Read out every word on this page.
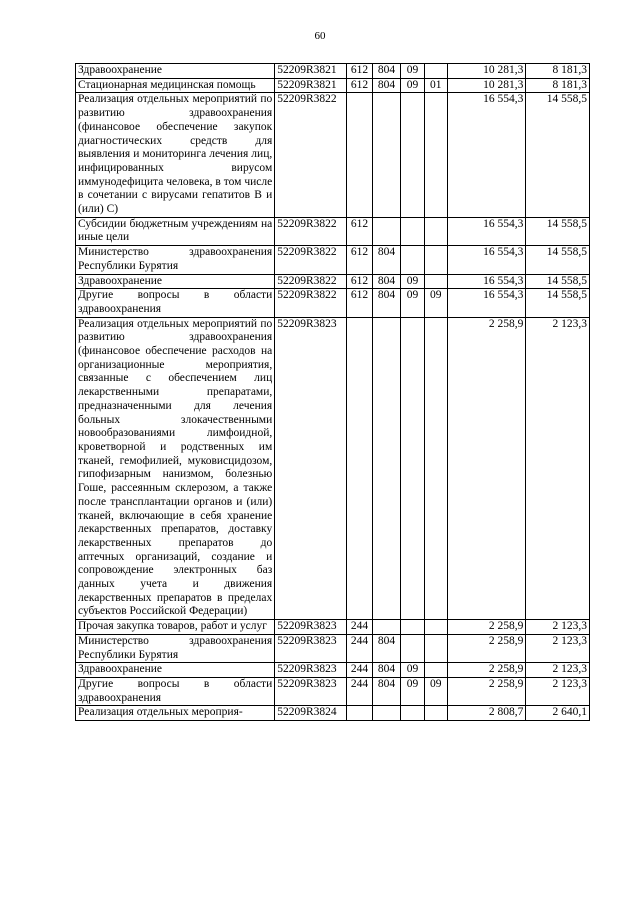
60
Здравоохранение	52209R3821	612	804	09		10 281,3	8 181,3
Стационарная медицинская помощь	52209R3821	612	804	09	01	10 281,3	8 181,3
Реализация отдельных мероприятий по развитию здравоохранения (финансовое обеспечение закупок диагностических средств для выявления и мониторинга лечения лиц, инфицированных вирусом иммунодефицита человека, в том числе в сочетании с вирусами гепатитов B и (или) C)	52209R3822					16 554,3	14 558,5
Субсидии бюджетным учреждениям на иные цели	52209R3822	612				16 554,3	14 558,5
Министерство здравоохранения Республики Бурятия	52209R3822	612	804			16 554,3	14 558,5
Здравоохранение	52209R3822	612	804	09		16 554,3	14 558,5
Другие вопросы в области здравоохранения	52209R3822	612	804	09	09	16 554,3	14 558,5
Реализация отдельных мероприятий по развитию здравоохранения (финансовое обеспечение расходов на организационные мероприятия, связанные с обеспечением лиц лекарственными препаратами, предназначенными для лечения больных злокачественными новообразованиями лимфоидной, кроветворной и родственных им тканей, гемофилией, муковисцидозом, гипофизарным нанизмом, болезнью Гоше, рассеянным склерозом, а также после трансплантации органов и (или) тканей, включающие в себя хранение лекарственных препаратов, доставку лекарственных препаратов до аптечных организаций, создание и сопровождение электронных баз данных учета и движения лекарственных препаратов в пределах субъектов Российской Федерации)	52209R3823					2 258,9	2 123,3
Прочая закупка товаров, работ и услуг	52209R3823	244				2 258,9	2 123,3
Министерство здравоохранения Республики Бурятия	52209R3823	244	804			2 258,9	2 123,3
Здравоохранение	52209R3823	244	804	09		2 258,9	2 123,3
Другие вопросы в области здравоохранения	52209R3823	244	804	09	09	2 258,9	2 123,3
Реализация отдельных мероприя-	52209R3824					2 808,7	2 640,1
